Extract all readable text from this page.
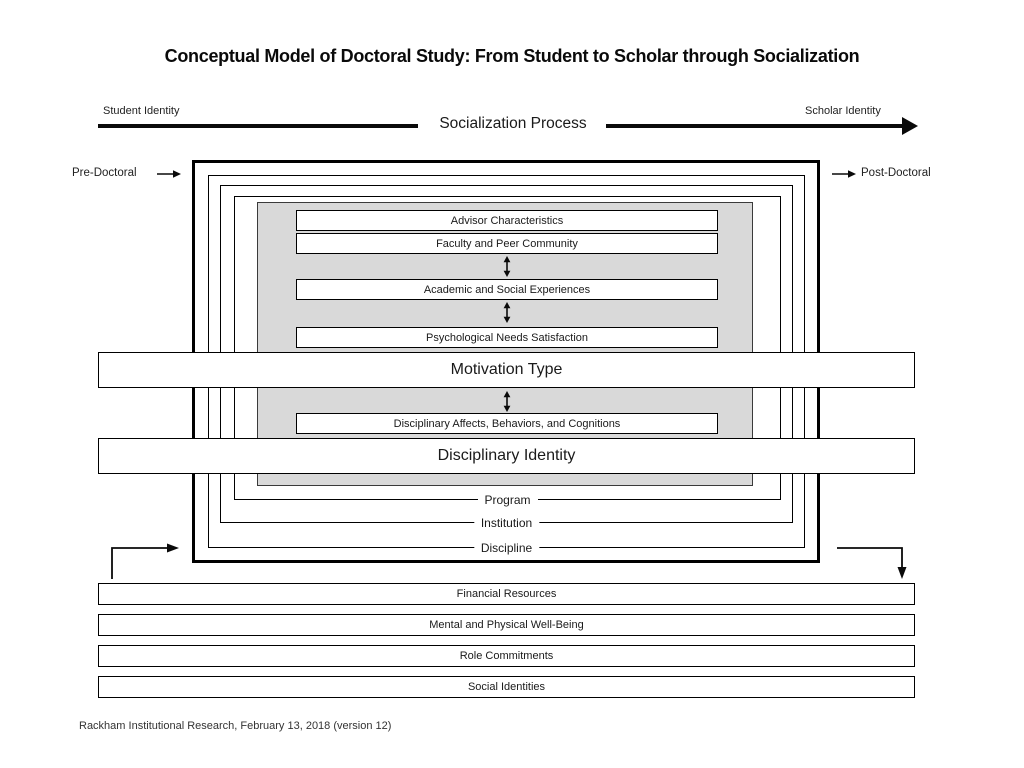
Conceptual Model of Doctoral Study: From Student to Scholar through Socialization
Student Identity	Scholar Identity
Socialization Process
Pre-Doctoral	Post-Doctoral
Discipline
Institution
Program
Advisor Characteristics
Faculty and Peer Community
Academic and Social Experiences
Psychological Needs Satisfaction
Motivation Type
Disciplinary Affects, Behaviors, and Cognitions
Disciplinary Identity
Financial Resources
Mental and Physical Well-Being
Role Commitments
Social Identities
Rackham Institutional Research, February 13, 2018 (version 12)
